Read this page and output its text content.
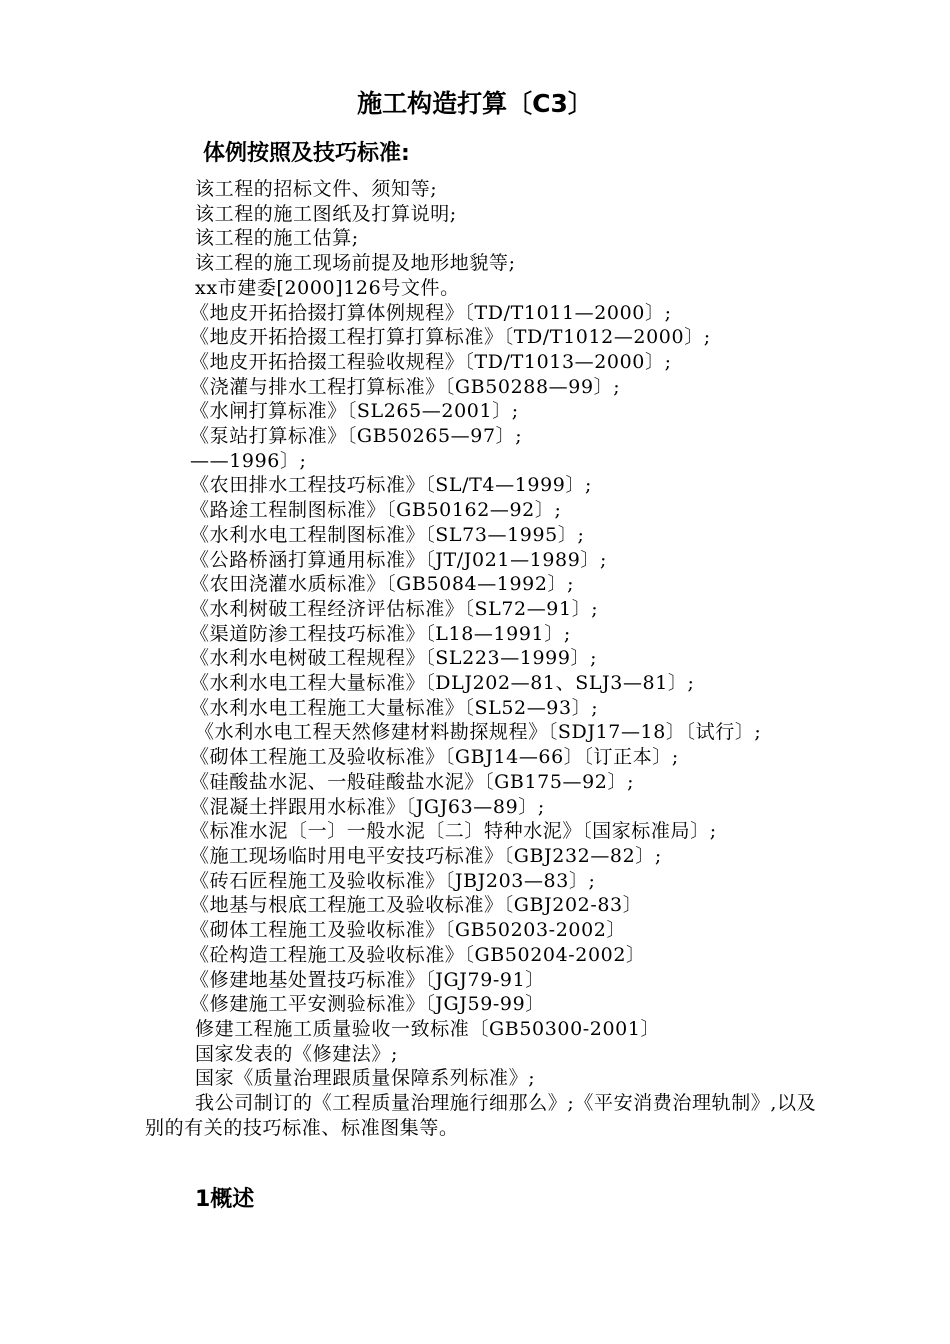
施工构造打算〔C3〕
体例按照及技巧标准:
该工程的招标文件、须知等;
该工程的施工图纸及打算说明;
该工程的施工估算;
该工程的施工现场前提及地形地貌等;
xx市建委[2000]126号文件。
《地皮开拓拾掇打算体例规程》〔TD/T1011—2000〕;
《地皮开拓拾掇工程打算打算标准》〔TD/T1012—2000〕;
《地皮开拓拾掇工程验收规程》〔TD/T1013—2000〕;
《浇灌与排水工程打算标准》〔GB50288—99〕;
《水闸打算标准》〔SL265—2001〕;
《泵站打算标准》〔GB50265—97〕;
——1996〕;
《农田排水工程技巧标准》〔SL/T4—1999〕;
《路途工程制图标准》〔GB50162—92〕;
《水利水电工程制图标准》〔SL73—1995〕;
《公路桥涵打算通用标准》〔JT/J021—1989〕;
《农田浇灌水质标准》〔GB5084—1992〕;
《水利树破工程经济评估标准》〔SL72—91〕;
《渠道防渗工程技巧标准》〔L18—1991〕;
《水利水电树破工程规程》〔SL223—1999〕;
《水利水电工程大量标准》〔DLJ202—81、SLJ3—81〕;
《水利水电工程施工大量标准》〔SL52—93〕;
《水利水电工程天然修建材料勘探规程》〔SDJ17—18〕〔试行〕;
《砌体工程施工及验收标准》〔GBJ14—66〕〔订正本〕;
《硅酸盐水泥、一般硅酸盐水泥》〔GB175—92〕;
《混凝土拌跟用水标准》〔JGJ63—89〕;
《标准水泥〔一〕一般水泥〔二〕特种水泥》〔国家标准局〕;
《施工现场临时用电平安技巧标准》〔GBJ232—82〕;
《砖石匠程施工及验收标准》〔JBJ203—83〕;
《地基与根底工程施工及验收标准》〔GBJ202-83〕
《砌体工程施工及验收标准》〔GB50203-2002〕
《砼构造工程施工及验收标准》〔GB50204-2002〕
《修建地基处置技巧标准》〔JGJ79-91〕
《修建施工平安测验标准》〔JGJ59-99〕
修建工程施工质量验收一致标准〔GB50300-2001〕
国家发表的《修建法》;
国家《质量治理跟质量保障系列标准》;
我公司制订的《工程质量治理施行细那么》;《平安消费治理轨制》,以及别的有关的技巧标准、标准图集等。
1概述
